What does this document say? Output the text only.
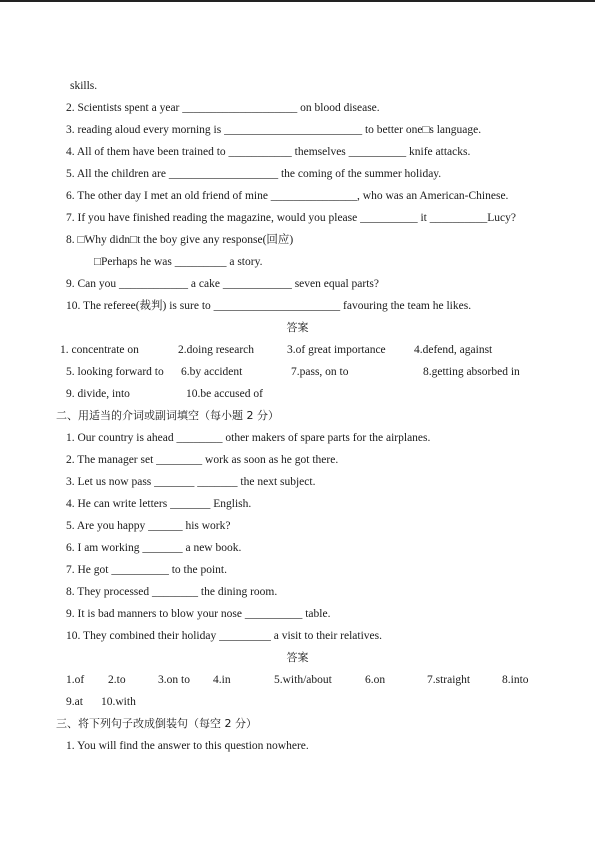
skills.
2. Scientists spent a year ____________________ on blood disease.
3. reading aloud every morning is ________________________ to better one□s language.
4. All of them have been trained to ___________ themselves __________ knife attacks.
5. All the children are ___________________ the coming of the summer holiday.
6. The other day I met an old friend of mine _______________, who was an American-Chinese.
7. If you have finished reading the magazine, would you please __________ it __________Lucy?
8. □Why didn□t the boy give any response(回应)
□Perhaps he was _________ a story.
9. Can you ____________ a cake ____________ seven equal parts?
10. The referee(裁判) is sure to ______________________ favouring the team he likes.
答案
1. concentrate on	2.doing research	3.of great importance 4.defend, against
5. looking forward to 6.by accident	7.pass, on to	8.getting absorbed in
9. divide, into	10.be accused of
二、用适当的介词或副词填空（每小题 2 分）
1. Our country is ahead ________ other makers of spare parts for the airplanes.
2. The manager set ________ work as soon as he got there.
3. Let us now pass _______ _______ the next subject.
4. He can write letters _______ English.
5. Are you happy ______ his work?
6. I am working _______ a new book.
7. He got __________ to the point.
8. They processed ________ the dining room.
9. It is bad manners to blow your nose __________ table.
10. They combined their holiday _________ a visit to their relatives.
答案
1.of 2.to	3.on to 4.in	5.with/about	6.on	7.straight	8.into
9.at 10.with
三、将下列句子改成倒装句（每空 2 分）
1. You will find the answer to this question nowhere.
